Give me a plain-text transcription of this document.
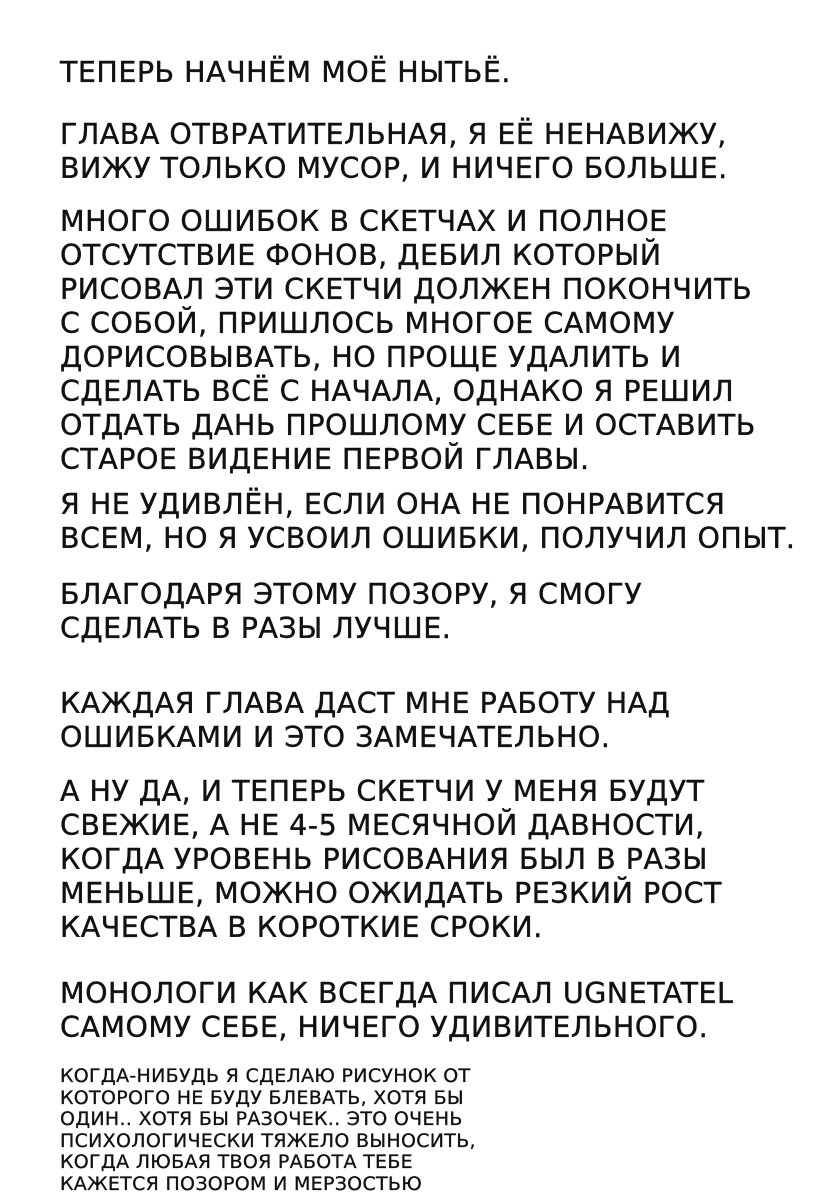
ТЕПЕРЬ НАЧНЁМ МОЁ НЫТЬЁ.

ГЛАВА ОТВРАТИТЕЛЬНАЯ, Я ЕЁ НЕНАВИЖУ,
ВИЖУ ТОЛЬКО МУСОР, И НИЧЕГО БОЛЬШЕ.

МНОГО ОШИБОК В СКЕТЧАХ И ПОЛНОЕ
ОТСУТСТВИЕ ФОНОВ, ДЕБИЛ КОТОРЫЙ
РИСОВАЛ ЭТИ СКЕТЧИ ДОЛЖЕН ПОКОНЧИТЬ
С СОБОЙ, ПРИШЛОСЬ МНОГОЕ САМОМУ
ДОРИСОВЫВАТЬ, НО ПРОЩЕ УДАЛИТЬ И
СДЕЛАТЬ ВСЁ С НАЧАЛА, ОДНАКО Я РЕШИЛ
ОТДАТЬ ДАНЬ ПРОШЛОМУ СЕБЕ И ОСТАВИТЬ
СТАРОЕ ВИДЕНИЕ ПЕРВОЙ ГЛАВЫ.

Я НЕ УДИВЛЁН, ЕСЛИ ОНА НЕ ПОНРАВИТСЯ
ВСЕМ, НО Я УСВОИЛ ОШИБКИ, ПОЛУЧИЛ ОПЫТ.

БЛАГОДАРЯ ЭТОМУ ПОЗОРУ, Я СМОГУ
СДЕЛАТЬ В РАЗЫ ЛУЧШЕ.

КАЖДАЯ ГЛАВА ДАСТ МНЕ РАБОТУ НАД
ОШИБКАМИ И ЭТО ЗАМЕЧАТЕЛЬНО.

А НУ ДА, И ТЕПЕРЬ СКЕТЧИ У МЕНЯ БУДУТ
СВЕЖИЕ, А НЕ 4-5 МЕСЯЧНОЙ ДАВНОСТИ,
КОГДА УРОВЕНЬ РИСОВАНИЯ БЫЛ В РАЗЫ
МЕНЬШЕ, МОЖНО ОЖИДАТЬ РЕЗКИЙ РОСТ
КАЧЕСТВА В КОРОТКИЕ СРОКИ.

МОНОЛОГИ КАК ВСЕГДА ПИСАЛ UGNETATEL
САМОМУ СЕБЕ, НИЧЕГО УДИВИТЕЛЬНОГО.

КОГДА-НИБУДЬ Я СДЕЛАЮ РИСУНОК ОТ
КОТОРОГО НЕ БУДУ БЛЕВАТЬ, ХОТЯ БЫ
ОДИН.. ХОТЯ БЫ РАЗОЧЕК.. ЭТО ОЧЕНЬ
ПСИХОЛОГИЧЕСКИ ТЯЖЕЛО ВЫНОСИТЬ,
КОГДА ЛЮБАЯ ТВОЯ РАБОТА ТЕБЕ
КАЖЕТСЯ ПОЗОРОМ И МЕРЗОСТЬЮ
